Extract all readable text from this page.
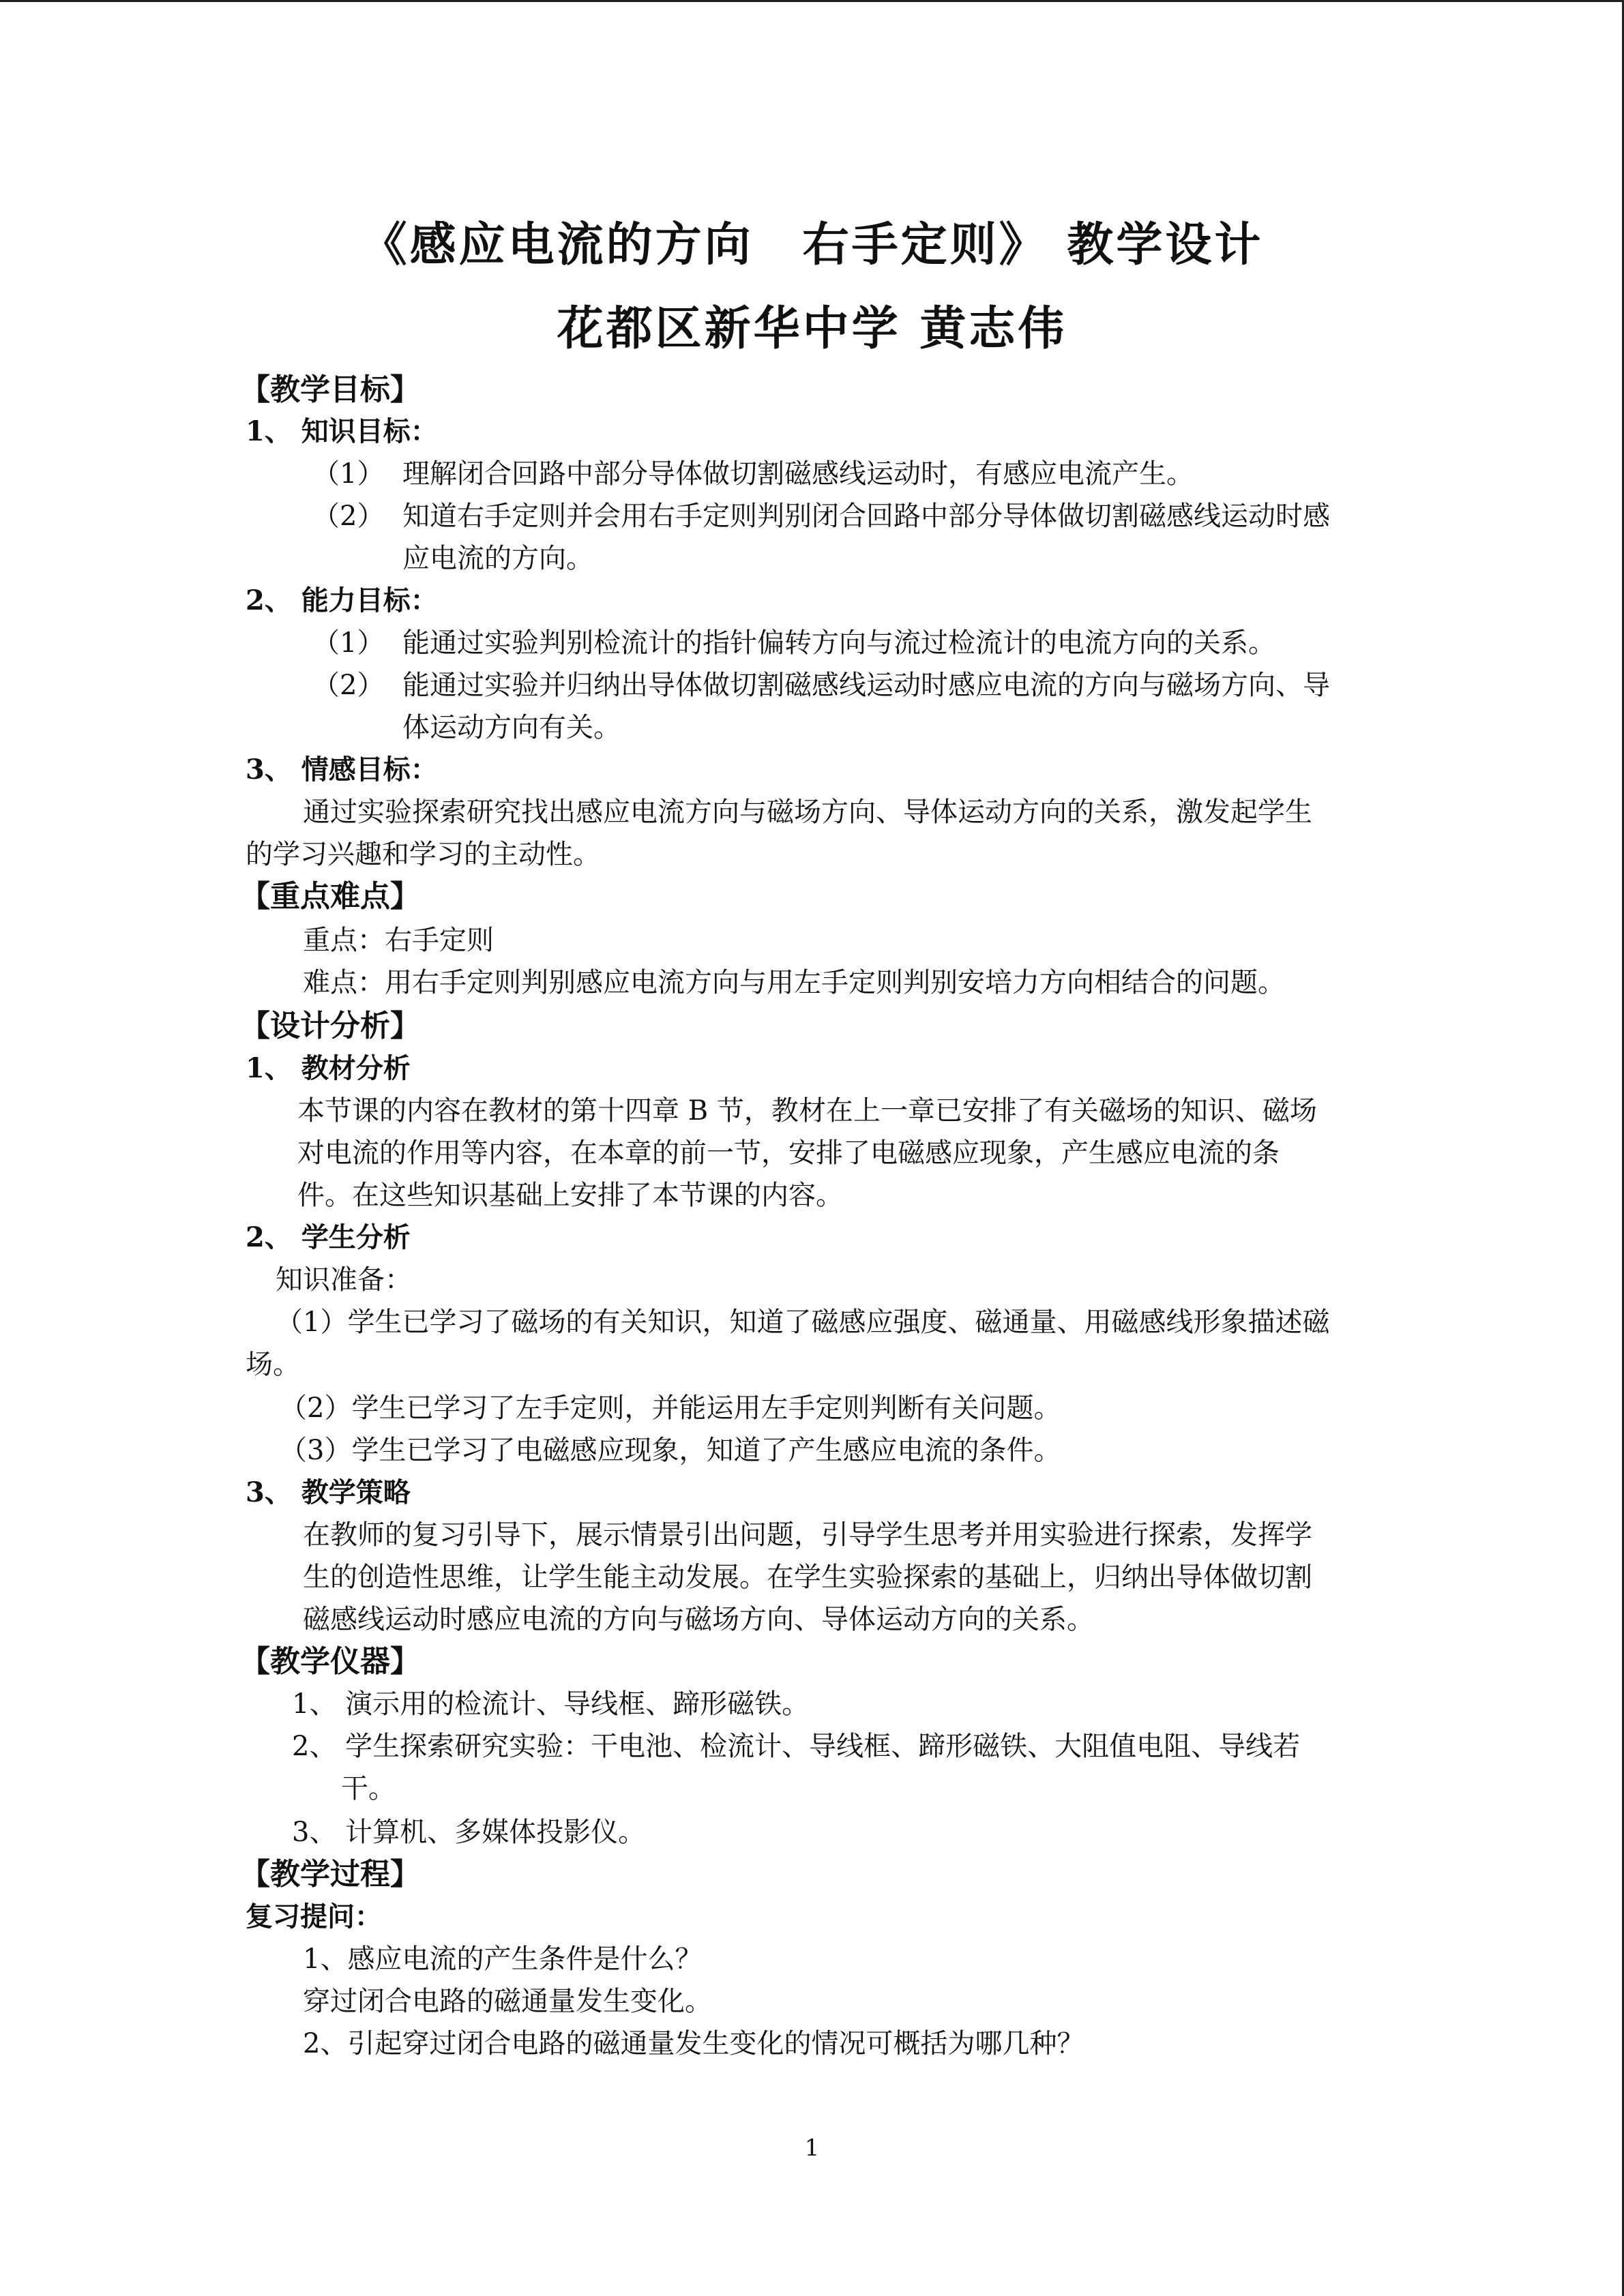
《感应电流的方向　右手定则》 教学设计
花都区新华中学 黄志伟
【教学目标】
1、 知识目标：
（1） 理解闭合回路中部分导体做切割磁感线运动时，有感应电流产生。
（2） 知道右手定则并会用右手定则判别闭合回路中部分导体做切割磁感线运动时感
应电流的方向。
2、 能力目标：
（1） 能通过实验判别检流计的指针偏转方向与流过检流计的电流方向的关系。
（2） 能通过实验并归纳出导体做切割磁感线运动时感应电流的方向与磁场方向、导
体运动方向有关。
3、 情感目标：
通过实验探索研究找出感应电流方向与磁场方向、导体运动方向的关系，激发起学生
的学习兴趣和学习的主动性。
【重点难点】
重点：右手定则
难点：用右手定则判别感应电流方向与用左手定则判别安培力方向相结合的问题。
【设计分析】
1、 教材分析
本节课的内容在教材的第十四章 B 节，教材在上一章已安排了有关磁场的知识、磁场
对电流的作用等内容，在本章的前一节，安排了电磁感应现象，产生感应电流的条
件。在这些知识基础上安排了本节课的内容。
2、 学生分析
知识准备：
（1）学生已学习了磁场的有关知识，知道了磁感应强度、磁通量、用磁感线形象描述磁
场。
（2）学生已学习了左手定则，并能运用左手定则判断有关问题。
（3）学生已学习了电磁感应现象，知道了产生感应电流的条件。
3、 教学策略
在教师的复习引导下，展示情景引出问题，引导学生思考并用实验进行探索，发挥学
生的创造性思维，让学生能主动发展。在学生实验探索的基础上，归纳出导体做切割
磁感线运动时感应电流的方向与磁场方向、导体运动方向的关系。
【教学仪器】
1、 演示用的检流计、导线框、蹄形磁铁。
2、 学生探索研究实验：干电池、检流计、导线框、蹄形磁铁、大阻值电阻、导线若
干。
3、 计算机、多媒体投影仪。
【教学过程】
复习提问：
1、感应电流的产生条件是什么？
穿过闭合电路的磁通量发生变化。
2、引起穿过闭合电路的磁通量发生变化的情况可概括为哪几种？
1
